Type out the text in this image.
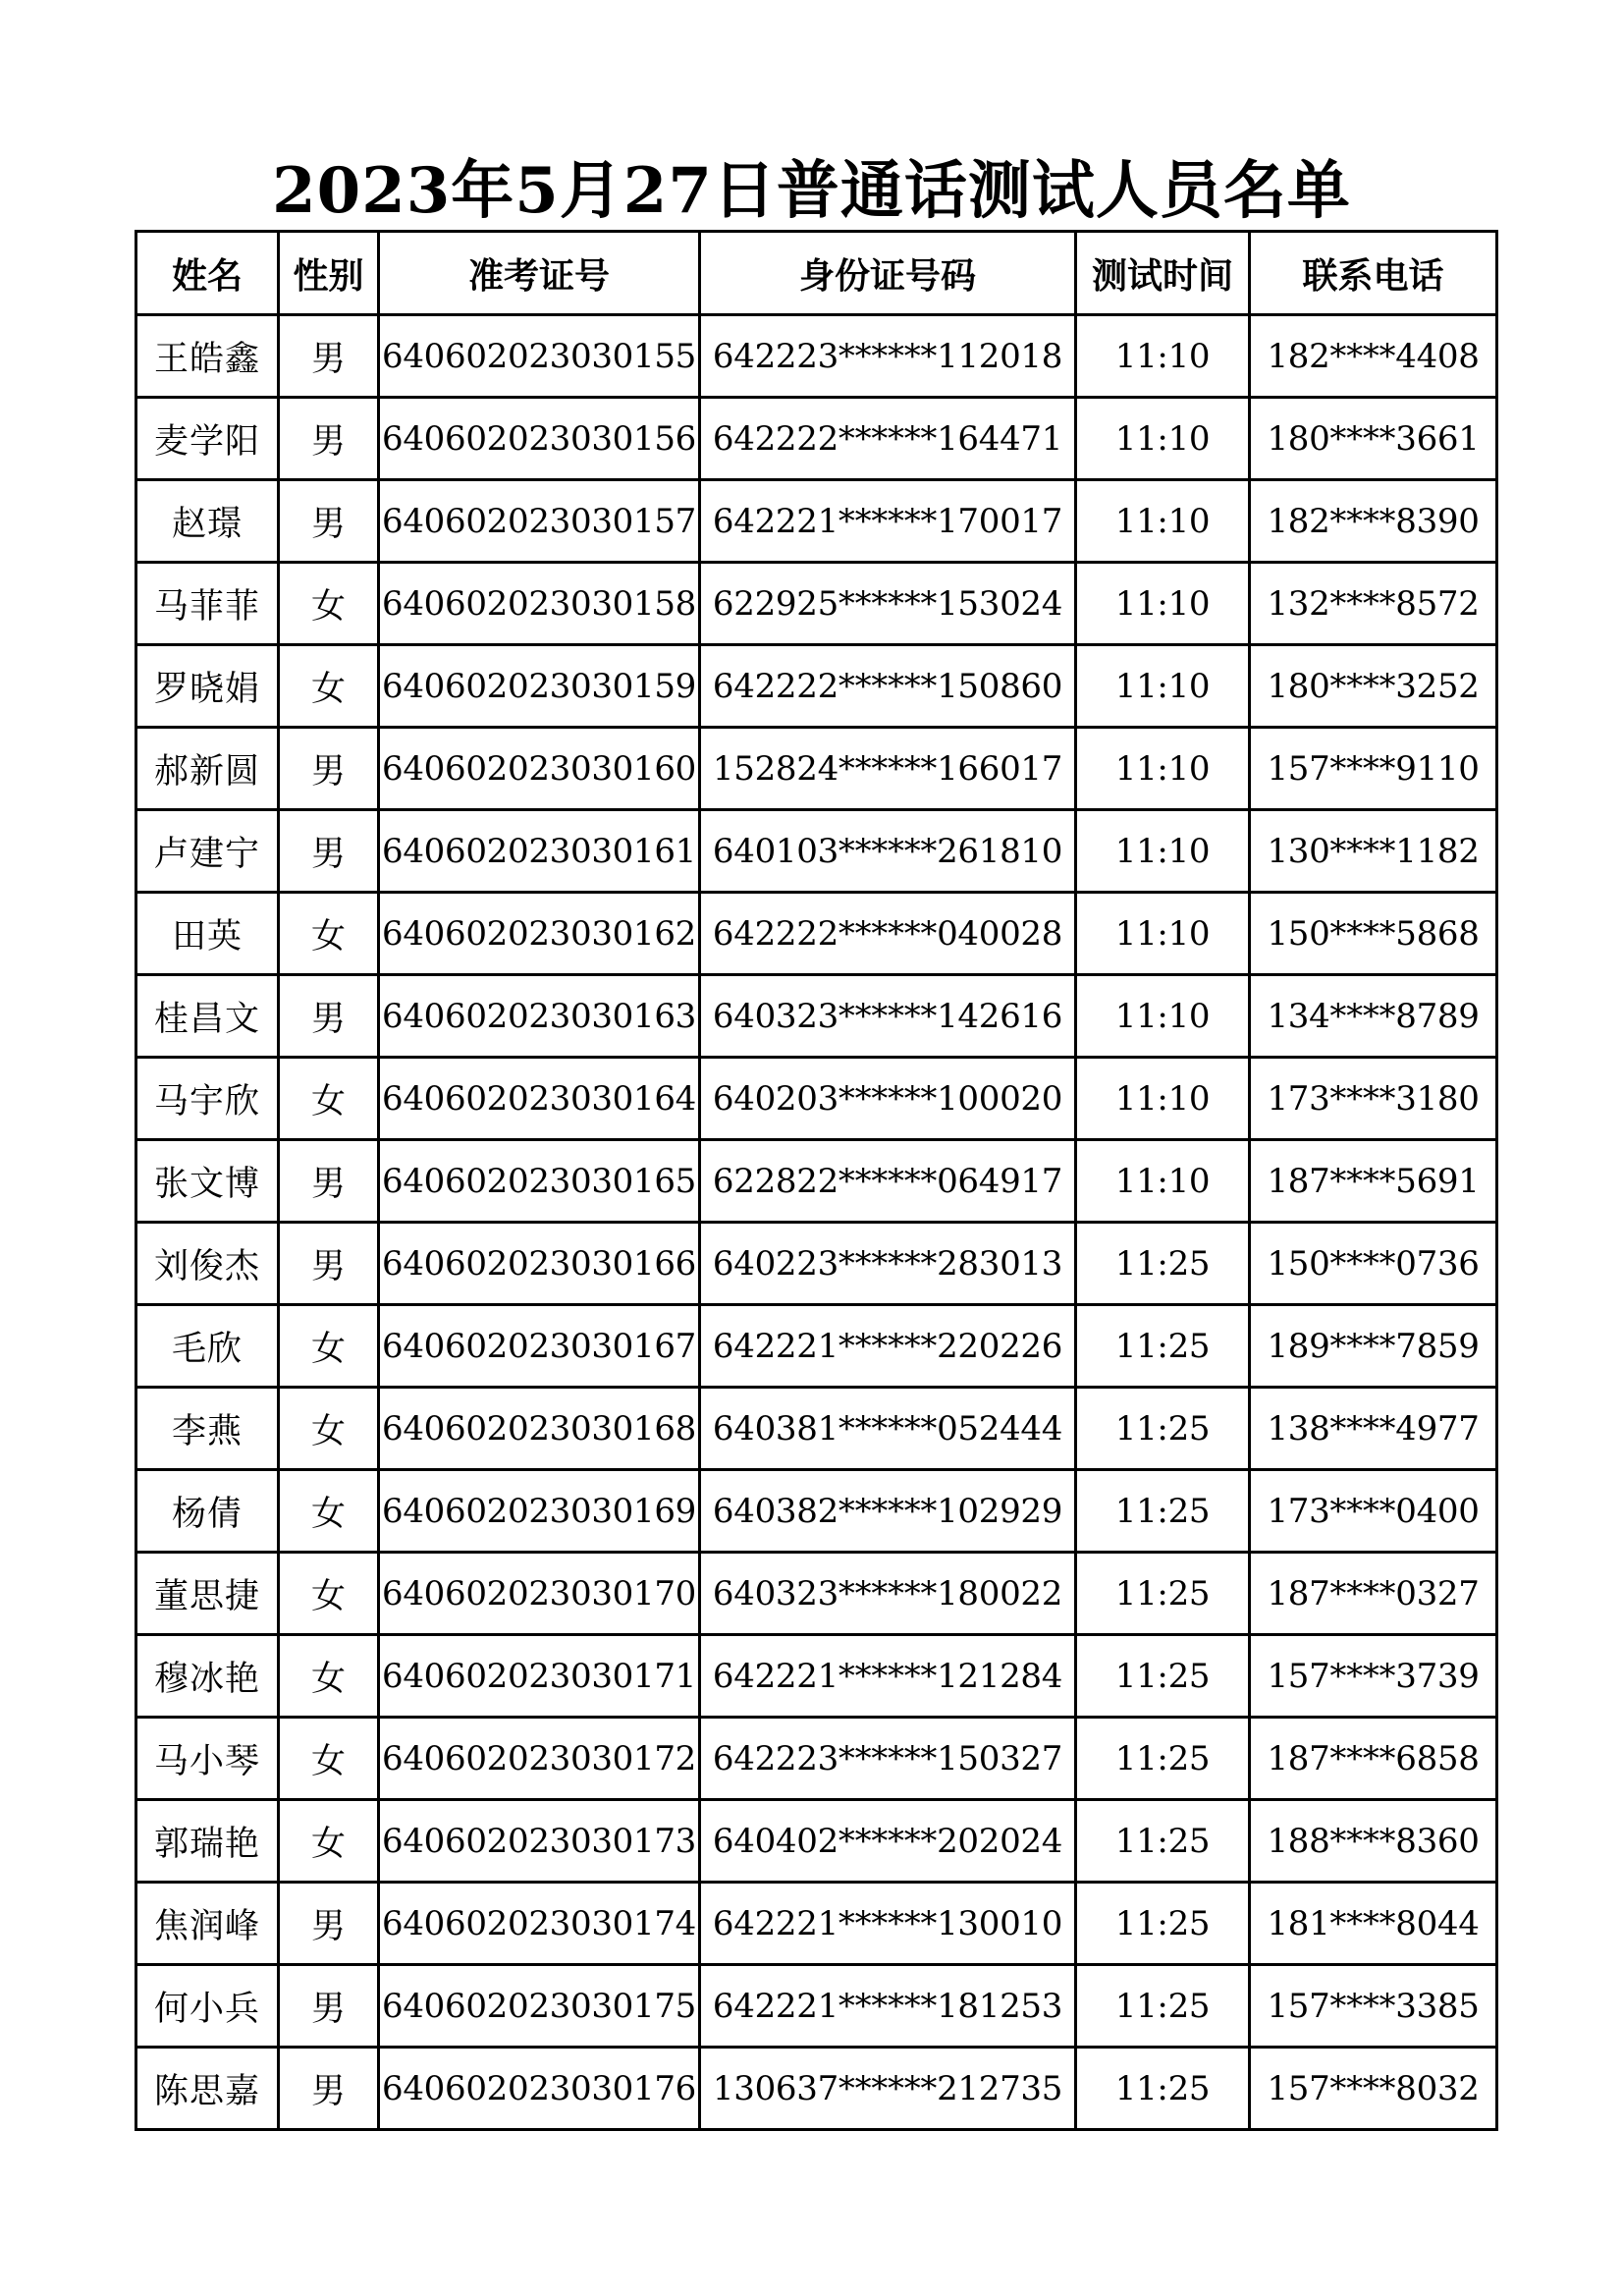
2023年5月27日普通话测试人员名单
姓名	性别	准考证号	身份证号码	测试时间	联系电话
王皓鑫	男	640602023030155	642223******112018	11:10	182****4408
麦学阳	男	640602023030156	642222******164471	11:10	180****3661
赵璟	男	640602023030157	642221******170017	11:10	182****8390
马菲菲	女	640602023030158	622925******153024	11:10	132****8572
罗晓娟	女	640602023030159	642222******150860	11:10	180****3252
郝新圆	男	640602023030160	152824******166017	11:10	157****9110
卢建宁	男	640602023030161	640103******261810	11:10	130****1182
田英	女	640602023030162	642222******040028	11:10	150****5868
桂昌文	男	640602023030163	640323******142616	11:10	134****8789
马宇欣	女	640602023030164	640203******100020	11:10	173****3180
张文博	男	640602023030165	622822******064917	11:10	187****5691
刘俊杰	男	640602023030166	640223******283013	11:25	150****0736
毛欣	女	640602023030167	642221******220226	11:25	189****7859
李燕	女	640602023030168	640381******052444	11:25	138****4977
杨倩	女	640602023030169	640382******102929	11:25	173****0400
董思捷	女	640602023030170	640323******180022	11:25	187****0327
穆冰艳	女	640602023030171	642221******121284	11:25	157****3739
马小琴	女	640602023030172	642223******150327	11:25	187****6858
郭瑞艳	女	640602023030173	640402******202024	11:25	188****8360
焦润峰	男	640602023030174	642221******130010	11:25	181****8044
何小兵	男	640602023030175	642221******181253	11:25	157****3385
陈思嘉	男	640602023030176	130637******212735	11:25	157****8032
